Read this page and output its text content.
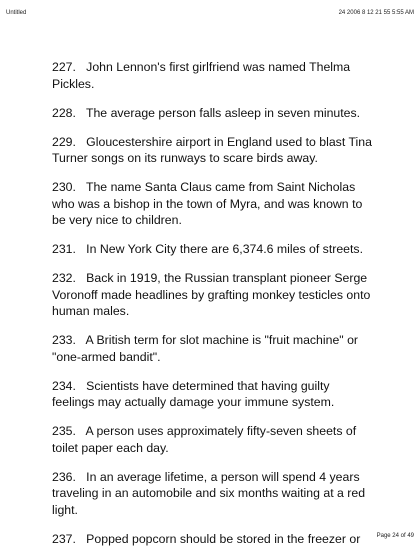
Untitled	24 2006 8 12 21 55 5:55 AM

227.   John Lennon's first girlfriend was named Thelma Pickles.

228.   The average person falls asleep in seven minutes.

229.   Gloucestershire airport in England used to blast Tina Turner songs on its runways to scare birds away.

230.   The name Santa Claus came from Saint Nicholas who was a bishop in the town of Myra, and was known to be very nice to children.

231.   In New York City there are 6,374.6 miles of streets.

232.   Back in 1919, the Russian transplant pioneer Serge Voronoff made headlines by grafting monkey testicles onto human males.

233.   A British term for slot machine is "fruit machine" or "one-armed bandit".

234.   Scientists have determined that having guilty feelings may actually damage your immune system.

235.   A person uses approximately fifty-seven sheets of toilet paper each day.

236.   In an average lifetime, a person will spend 4 years traveling in an automobile and six months waiting at a red light.

237.   Popped popcorn should be stored in the freezer or	Page 24 of 49
